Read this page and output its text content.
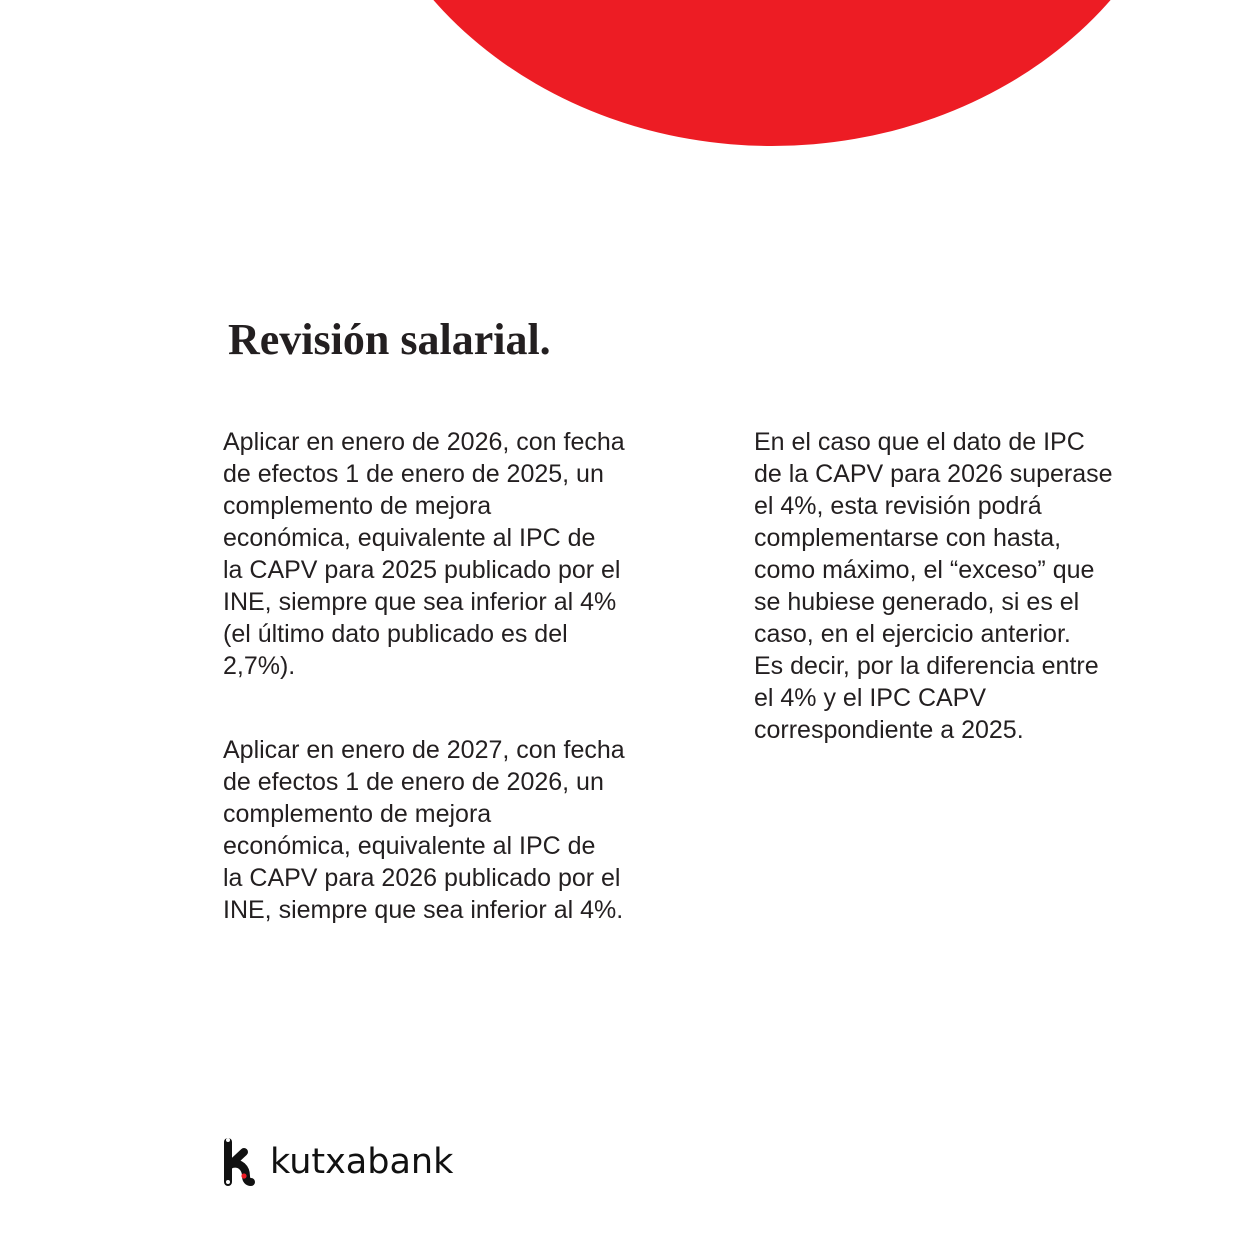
Revisión salarial.
Aplicar en enero de 2026, con fecha
de efectos 1 de enero de 2025, un
complemento de mejora
económica, equivalente al IPC de
la CAPV para 2025 publicado por el
INE, siempre que sea inferior al 4%
(el último dato publicado es del
2,7%).
Aplicar en enero de 2027, con fecha
de efectos 1 de enero de 2026, un
complemento de mejora
económica, equivalente al IPC de
la CAPV para 2026 publicado por el
INE, siempre que sea inferior al 4%.
En el caso que el dato de IPC
de la CAPV para 2026 superase
el 4%, esta revisión podrá
complementarse con hasta,
como máximo, el “exceso” que
se hubiese generado, si es el
caso, en el ejercicio anterior.
Es decir, por la diferencia entre
el 4% y el IPC CAPV
correspondiente a 2025.
kutxabank
